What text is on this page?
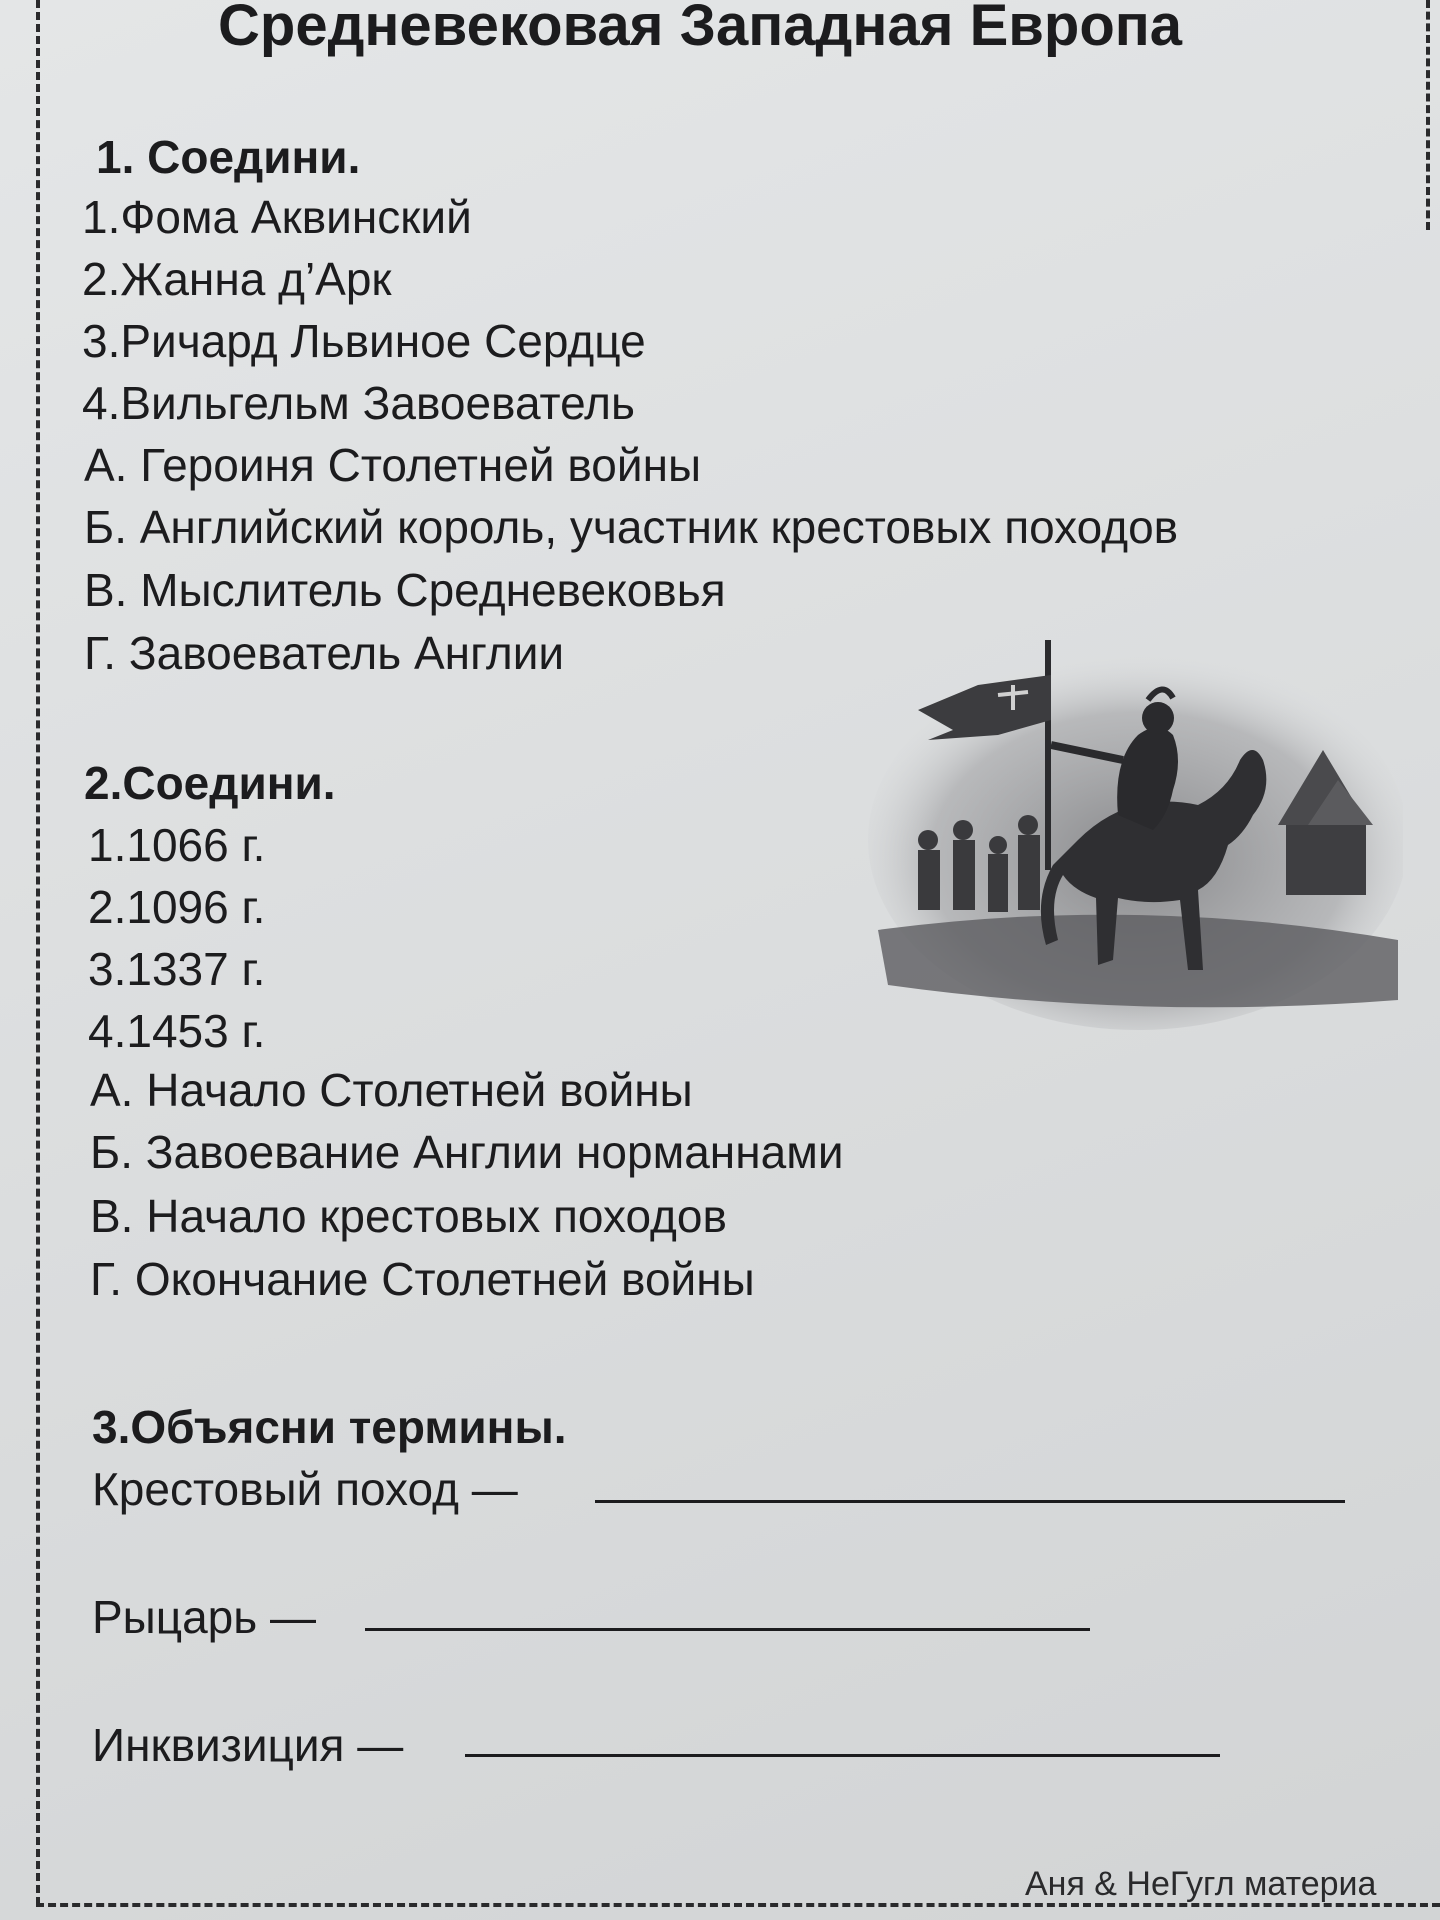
Средневековая Западная Европа
1. Соедини.
1.Фома Аквинский
2.Жанна д’Арк
3.Ричард Львиное Сердце
4.Вильгельм Завоеватель
А. Героиня Столетней войны
Б. Английский король, участник крестовых походов
В. Мыслитель Средневековья
Г. Завоеватель Англии
2.Соедини.
1.1066 г.
2.1096 г.
3.1337 г.
4.1453 г.
А. Начало Столетней войны
Б. Завоевание Англии норманнами
В. Начало крестовых походов
Г. Окончание Столетней войны
3.Объясни термины.
Крестовый поход —
Рыцарь —
Инквизиция —
Аня & НеГугл материа
